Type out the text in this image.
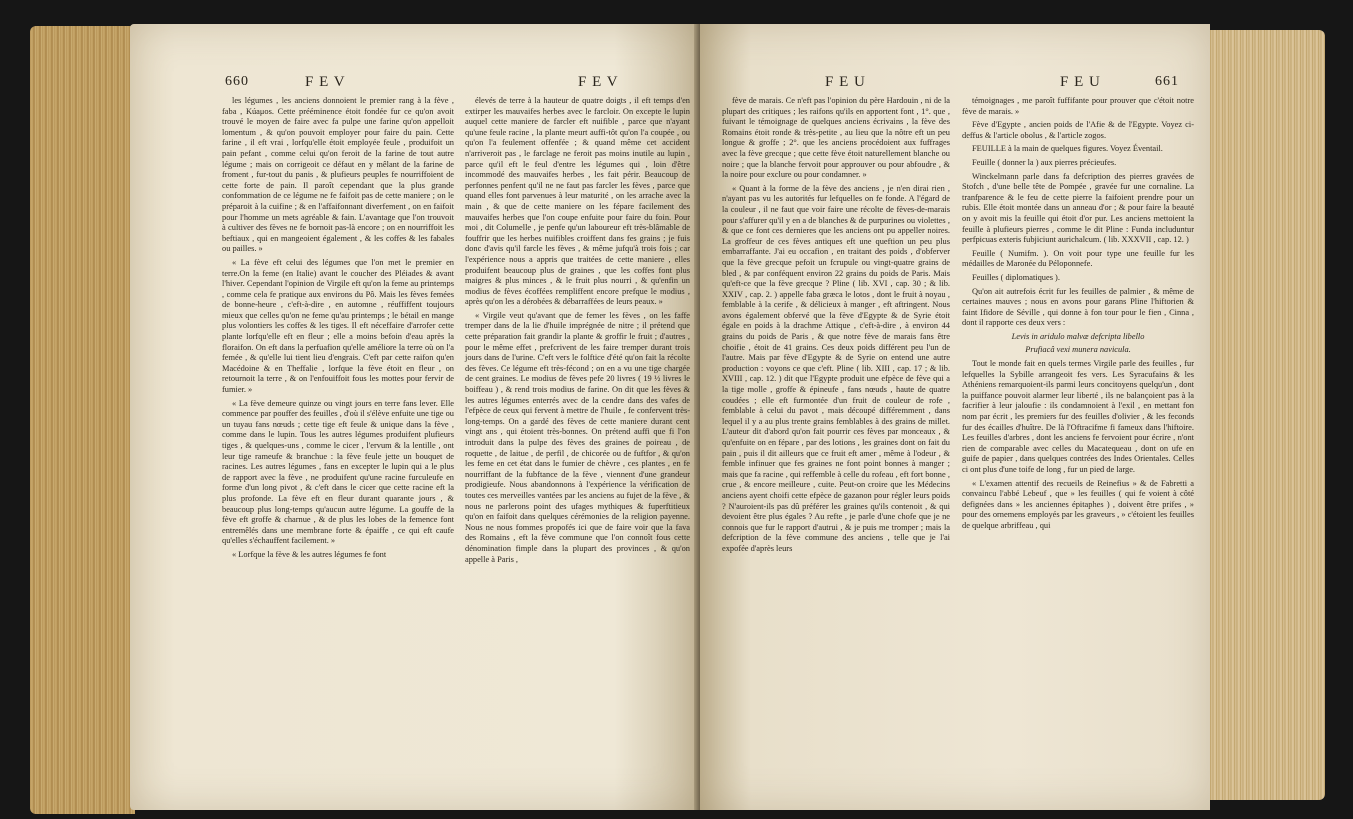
660	F E V	F E V

les légumes , les anciens donnoient le premier rang à la fève , faba , Kúaμos. Cette prééminence étoit fondée fur ce qu'on avoit trouvé le moyen de faire avec fa pulpe une farine qu'on appelloit lomentum , & qu'on pouvoit employer pour faire du pain. Cette farine , il eft vrai , lorfqu'elle étoit employée feule , produifoit un pain pefant , comme celui qu'on feroit de la farine de tout autre légume ; mais on corrigeoit ce défaut en y mêlant de la farine de froment , fur-tout du panis , & plufieurs peuples fe nourriffoient de cette forte de pain. Il paroît cependant que la plus grande confommation de ce légume ne fe faifoit pas de cette maniere ; on le préparoit à la cuifine ; & en l'affaifonnant diverfement , on en faifoit pour l'homme un mets agréable & fain. L'avantage que l'on trouvoit à cultiver des fèves ne fe bornoit pas-là encore ; on en nourriffoit les beftiaux , qui en mangeoient également , & les coffes & les fabales ou pailles. »

« La fève eft celui des légumes que l'on met le premier en terre.On la feme (en Italie) avant le coucher des Pléiades & avant l'hiver. Cependant l'opinion de Virgile eft qu'on la feme au printemps , comme cela fe pratique aux environs du Pô. Mais les fèves femées de bonne-heure , c'eft-à-dire , en automne , réuffiffent toujours mieux que celles qu'on ne feme qu'au printemps ; le bétail en mange plus volontiers les coffes & les tiges. Il eft néceffaire d'arrofer cette plante lorfqu'elle eft en fleur ; elle a moins befoin d'eau après la floraifon. On eft dans la perfuafion qu'elle améliore la terre où on l'a femée , & qu'elle lui tient lieu d'engrais. C'eft par cette raifon qu'en Macédoine & en Theffalie , lorfque la fève étoit en fleur , on retournoit la terre , & on l'enfouiffoit fous les mottes pour fervir de fumier. »

« La fève demeure quinze ou vingt jours en terre fans lever. Elle commence par pouffer des feuilles , d'où il s'élève enfuite une tige ou un tuyau fans nœuds ; cette tige eft feule & unique dans la fève , comme dans le lupin. Tous les autres légumes produifent plufieurs tiges , & quelques-uns , comme le cicer , l'ervum & la lentille , ont leur tige rameufe & branchue : la fève feule jette un bouquet de racines. Les autres légumes , fans en excepter le lupin qui a le plus de rapport avec la fève , ne produifent qu'une racine furculeufe en forme d'un long pivot , & c'eft dans le cicer que cette racine eft la plus profonde. La fève eft en fleur durant quarante jours , & beaucoup plus long-temps qu'aucun autre légume. La gouffe de la fève eft groffe & charnue , & de plus les lobes de la femence font entremêlés dans une membrane forte & épaiffe , ce qui eft caufe qu'elles s'échauffent facilement. »

« Lorfque la fève & les autres légumes fe font

élevés de terre à la hauteur de quatre doigts , il eft temps d'en extirper les mauvaifes herbes avec le farcloir. On excepte le lupin auquel cette maniere de farcler eft nuifible , parce que n'ayant qu'une feule racine , la plante meurt auffi-tôt qu'on l'a coupée , ou qu'on l'a feulement offenfée ; & quand même cet accident n'arriveroit pas , le farclage ne feroit pas moins inutile au lupin , parce qu'il eft le feul d'entre les légumes qui , loin d'être incommodé des mauvaifes herbes , les fait périr. Beaucoup de perfonnes penfent qu'il ne ne faut pas farcler les fèves , parce que quand elles font parvenues à leur maturité , on les arrache avec la main , & que de cette maniere on les fépare facilement des mauvaifes herbes que l'on coupe enfuite pour faire du foin. Pour moi , dit Columelle , je penfe qu'un laboureur eft très-blâmable de fouffrir que les herbes nuifibles croiffent dans fes grains ; je fuis donc d'avis qu'il farcle les fèves , & même jufqu'à trois fois ; car l'expérience nous a appris que traitées de cette maniere , elles produifent beaucoup plus de graines , que les coffes font plus maigres & plus minces , & le fruit plus nourri , & qu'enfin un modius de fèves écoffées rempliffent encore prefque le modius , après qu'on les a dérobées & débarraffées de leurs peaux. »

« Virgile veut qu'avant que de femer les fèves , on les faffe tremper dans de la lie d'huile imprégnée de nitre ; il prétend que cette préparation fait grandir la plante & groffir le fruit ; d'autres , pour le même effet , prefcrivent de les faire tremper durant trois jours dans de l'urine. C'eft vers le folftice d'été qu'on fait la récolte des fèves. Ce légume eft très-fécond ; on en a vu une tige chargée de cent graines. Le modius de fèves pefe 20 livres ( 19 ½ livres le boiffeau ) , & rend trois modius de farine. On dit que les fèves & les autres légumes enterrés avec de la cendre dans des vafes de l'efpèce de ceux qui fervent à mettre de l'huile , fe confervent très-long-temps. On a gardé des fèves de cette maniere durant cent vingt ans , qui étoient très-bonnes. On prétend auffi que fi l'on introduit dans la pulpe des fèves des graines de poireau , de roquette , de laitue , de perfil , de chicorée ou de fuftfor , & qu'on les feme en cet état dans le fumier de chèvre , ces plantes , en fe nourriffant de la fubftance de la fève , viennent d'une grandeur prodigieufe. Nous abandonnons à l'expérience la vérification de toutes ces merveilles vantées par les anciens au fujet de la fève , & nous ne parlerons point des ufages mythiques & fuperftitieux qu'on en faifoit dans quelques cérémonies de la religion payenne. Nous ne nous fommes propofés ici que de faire voir que la fava des Romains , eft la fève commune que l'on connoît fous cette dénomination fimple dans la plupart des provinces , & qu'on appelle à Paris ,

F E U	F E U	661

fève de marais. Ce n'eft pas l'opinion du père Hardouin , ni de la plupart des critiques ; les raifons qu'ils en apportent font , 1°. que , fuivant le témoignage de quelques anciens écrivains , la fève des Romains étoit ronde & très-petite , au lieu que la nôtre eft un peu longue & groffe ; 2°. que les anciens procédoient aux fuffrages avec la fève grecque ; que cette fève étoit naturellement blanche ou noire ; que la blanche fervoit pour approuver ou pour abfoudre , & la noire pour exclure ou pour condamner. »

« Quant à la forme de la fève des anciens , je n'en dirai rien , n'ayant pas vu les autorités fur lefquelles on fe fonde. A l'égard de la couleur , il ne faut que voir faire une récolte de fèves-de-marais pour s'affurer qu'il y en a de blanches & de purpurines ou violettes , & que ce font ces dernieres que les anciens ont pu appeller noires. La groffeur de ces fèves antiques eft une queftion un peu plus embarraffante. J'ai eu occafion , en traitant des poids , d'obferver que la fève grecque pefoit un fcrupule ou vingt-quatre grains de bled , & par conféquent environ 22 grains du poids de Paris. Mais qu'eft-ce que la fève grecque ? Pline ( lib. XVI , cap. 30 ; & lib. XXIV , cap. 2. ) appelle faba græca le lotos , dont le fruit à noyau , femblable à la cerife , & délicieux à manger , eft aftringent. Nous avons également obfervé que la fève d'Egypte & de Syrie étoit égale en poids à la drachme Attique , c'eft-à-dire , à environ 44 grains du poids de Paris , & que notre fève de marais fans être choifie , étoit de 41 grains. Ces deux poids différent peu l'un de l'autre. Mais par fève d'Egypte & de Syrie on entend une autre production : voyons ce que c'eft. Pline ( lib. XIII , cap. 17 ; & lib. XVIII , cap. 12. ) dit que l'Egypte produit une efpèce de fève qui a la tige molle , groffe & épineufe , fans nœuds , haute de quatre coudées ; elle eft furmontée d'un fruit de couleur de rofe , femblable à celui du pavot , mais découpé différemment , dans lequel il y a au plus trente grains femblables à des grains de millet. L'auteur dit d'abord qu'on fait pourrir ces fèves par monceaux , & qu'enfuite on en fépare , par des lotions , les graines dont on fait du pain , puis il dit ailleurs que ce fruit eft amer , même à l'odeur , & femble infinuer que fes graines ne font point bonnes à manger ; mais que fa racine , qui reffemble à celle du rofeau , eft fort bonne , crue , & encore meilleure , cuite. Peut-on croire que les Médecins anciens ayent choifi cette efpèce de gazanon pour régler leurs poids ? N'auroient-ils pas dû préférer les graines qu'ils contenoit , & qui devoient être plus égales ? Au refte , je parle d'une chofe que je ne connois que fur le rapport d'autrui , & je puis me tromper ; mais la defcription de la fève commune des anciens , telle que je l'ai expofée d'après leurs

témoignages , me paroît fuffifante pour prouver que c'étoit notre fève de marais. »

Fève d'Egypte , ancien poids de l'Afie & de l'Egypte. Voyez ci-deffus & l'article obolus , & l'article zogos.

FEUILLE à la main de quelques figures. Voyez Éventail.

Feuille ( donner la ) aux pierres précieufes.

Winckelmann parle dans fa defcription des pierres gravées de Stofch , d'une belle tête de Pompée , gravée fur une cornaline. La tranfparence & le feu de cette pierre la faifoient prendre pour un rubis. Elle étoit montée dans un anneau d'or ; & pour faire la beauté on y avoit mis la feuille qui étoit d'or pur. Les anciens mettoient la feuille à plufieurs pierres , comme le dit Pline : Funda includuntur perfpicuas exteris fubjiciunt aurichalcum. ( lib. XXXVII , cap. 12. )

Feuille ( Numifm. ). On voit pour type une feuille fur les médailles de Maronée du Péloponnefe.

Feuilles ( diplomatiques ).

Qu'on ait autrefois écrit fur les feuilles de palmier , & même de certaines mauves ; nous en avons pour garans Pline l'hiftorien & faint Ifidore de Séville , qui donne à fon tour pour le fien , Cinna , dont il rapporte ces deux vers :

Levis in aridulo malvæ defcripta libello

Prufiacâ vexi munera navicula.

Tout le monde fait en quels termes Virgile parle des feuilles , fur lefquelles la Sybille arrangeoit fes vers. Les Syracufains & les Athéniens remarquoient-ils parmi leurs concitoyens quelqu'un , dont la puiffance pouvoit alarmer leur liberté , ils ne balançoient pas à la facrifier à leur jaloufie : ils condamnoient à l'exil , en mettant fon nom par écrit , les premiers fur des feuilles d'olivier , & les feconds fur des écailles d'huître. De là l'Oftracifme fi fameux dans l'hiftoire. Les feuilles d'arbres , dont les anciens fe fervoient pour écrire , n'ont rien de comparable avec celles du Macatequeau , dont on ufe en guife de papier , dans quelques contrées des Indes Orientales. Celles ci ont plus d'une toife de long , fur un pied de large.

« L'examen attentif des recueils de Reinefius » & de Fabretti a convaincu l'abbé Lebeuf , que » les feuilles ( qui fe voient à côté defignées dans » les anciennes épitaphes ) , doivent être prifes , » pour des ornemens employés par les graveurs , » c'étoient les feuilles de quelque arbriffeau , qui
